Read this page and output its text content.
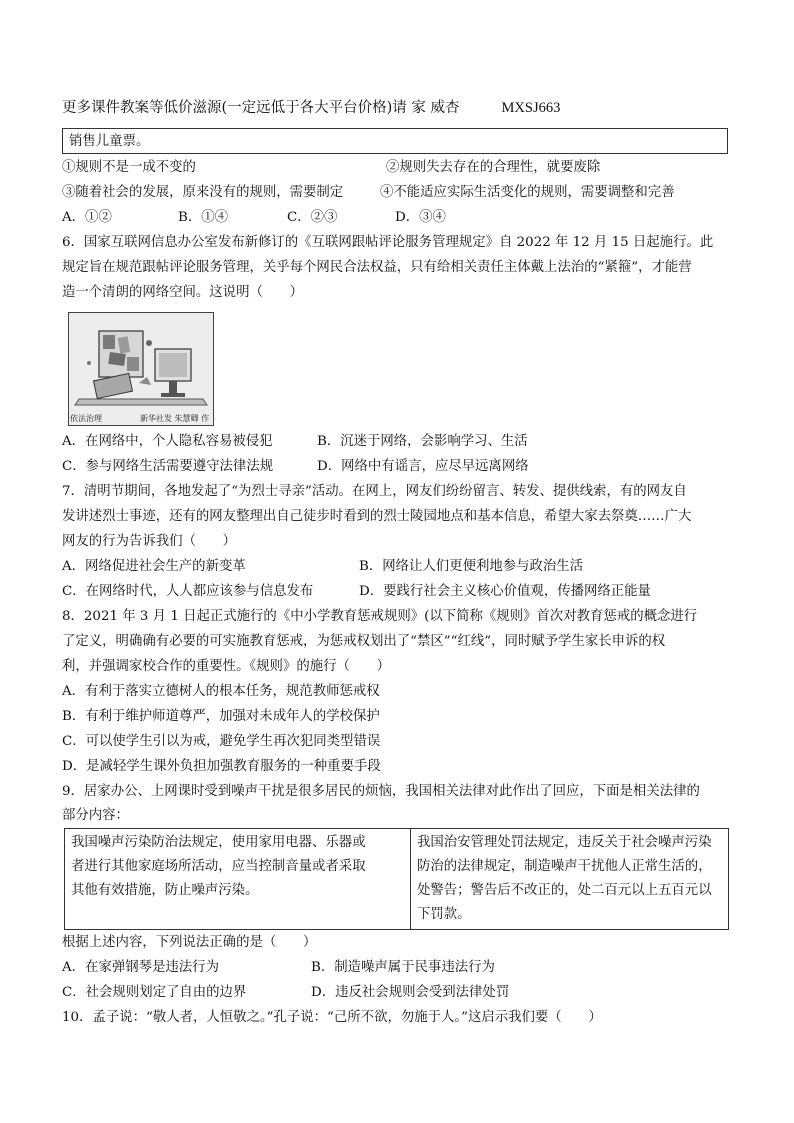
更多课件教案等低价滋源(一定远低于各大平台价格)请 家 威杏	MXSJ663
销售儿童票。
①规则不是一成不变的	②规则失去存在的合理性，就要废除
③随着社会的发展，原来没有的规则，需要制定	④不能适应实际生活变化的规则，需要调整和完善
A．①②	B．①④	C．②③	D．③④
6．国家互联网信息办公室发布新修订的《互联网跟帖评论服务管理规定》自 2022 年 12 月 15 日起施行。此
规定旨在规范跟帖评论服务管理，关乎每个网民合法权益，只有给相关责任主体戴上法治的“紧箍”，才能营
造一个清朗的网络空间。这说明（　　）
依法治理	新华社发 朱慧卿 作
A．在网络中，个人隐私容易被侵犯	B．沉迷于网络，会影响学习、生活
C．参与网络生活需要遵守法律法规	D．网络中有谣言，应尽早远离网络
7．清明节期间，各地发起了“为烈士寻亲”活动。在网上，网友们纷纷留言、转发、提供线索，有的网友自
发讲述烈士事迹，还有的网友整理出自己徒步时看到的烈士陵园地点和基本信息，希望大家去祭奠……广大
网友的行为告诉我们（　　）
A．网络促进社会生产的新变革	B．网络让人们更便利地参与政治生活
C．在网络时代，人人都应该参与信息发布	D．要践行社会主义核心价值观，传播网络正能量
8．2021 年 3 月 1 日起正式施行的《中小学教育惩戒规则》(以下简称《规则》首次对教育惩戒的概念进行
了定义，明确确有必要的可实施教育惩戒，为惩戒权划出了“禁区”“红线”，同时赋予学生家长申诉的权
利，并强调家校合作的重要性。《规则》的施行（　　）
A．有利于落实立德树人的根本任务，规范教师惩戒权
B．有利于维护师道尊严，加强对未成年人的学校保护
C．可以使学生引以为戒，避免学生再次犯同类型错误
D．是减轻学生课外负担加强教育服务的一种重要手段
9．居家办公、上网课时受到噪声干扰是很多居民的烦恼，我国相关法律对此作出了回应，下面是相关法律的
部分内容：
我国噪声污染防治法规定，使用家用电器、乐器或
者进行其他家庭场所活动，应当控制音量或者采取
其他有效措施，防止噪声污染。

我国治安管理处罚法规定，违反关于社会噪声污染
防治的法律规定，制造噪声干扰他人正常生活的，
处警告；警告后不改正的，处二百元以上五百元以
下罚款。
根据上述内容，下列说法正确的是（　　）
A．在家弹钢琴是违法行为	B．制造噪声属于民事违法行为
C．社会规则划定了自由的边界	D．违反社会规则会受到法律处罚
10．孟子说：“敬人者，人恒敬之。”孔子说：“己所不欲，勿施于人。”这启示我们要（　　）
